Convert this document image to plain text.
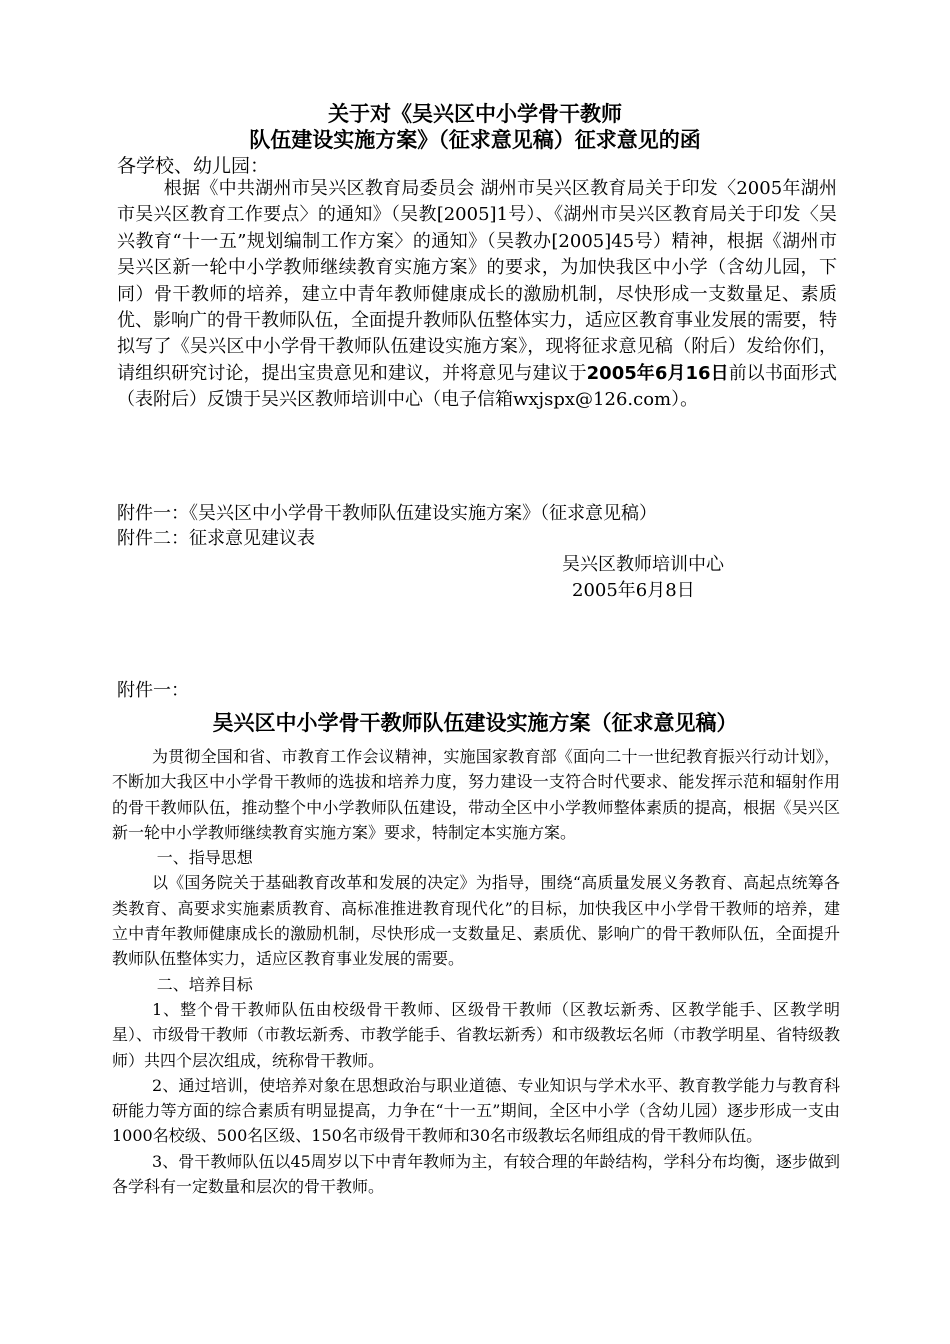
关于对《吴兴区中小学骨干教师
队伍建设实施方案》（征求意见稿）征求意见的函
各学校、幼儿园：

根据《中共湖州市吴兴区教育局委员会 湖州市吴兴区教育局关于印发〈2005年湖州市吴兴区教育工作要点〉的通知》（吴教[2005]1号）、《湖州市吴兴区教育局关于印发〈吴兴教育“十一五”规划编制工作方案〉的通知》（吴教办[2005]45号）精神，根据《湖州市吴兴区新一轮中小学教师继续教育实施方案》的要求，为加快我区中小学（含幼儿园，下同）骨干教师的培养，建立中青年教师健康成长的激励机制，尽快形成一支数量足、素质优、影响广的骨干教师队伍，全面提升教师队伍整体实力，适应区教育事业发展的需要，特拟写了《吴兴区中小学骨干教师队伍建设实施方案》，现将征求意见稿（附后）发给你们，请组织研究讨论，提出宝贵意见和建议，并将意见与建议于2005年6月16日前以书面形式（表附后）反馈于吴兴区教师培训中心（电子信箱wxjspx@126.com）。

附件一：《吴兴区中小学骨干教师队伍建设实施方案》（征求意见稿）
附件二：征求意见建议表
吴兴区教师培训中心
2005年6月8日
附件一：
吴兴区中小学骨干教师队伍建设实施方案（征求意见稿）

为贯彻全国和省、市教育工作会议精神，实施国家教育部《面向二十一世纪教育振兴行动计划》，不断加大我区中小学骨干教师的选拔和培养力度，努力建设一支符合时代要求、能发挥示范和辐射作用的骨干教师队伍，推动整个中小学教师队伍建设，带动全区中小学教师整体素质的提高，根据《吴兴区新一轮中小学教师继续教育实施方案》要求，特制定本实施方案。

一、指导思想

以《国务院关于基础教育改革和发展的决定》为指导，围绕“高质量发展义务教育、高起点统筹各类教育、高要求实施素质教育、高标准推进教育现代化”的目标，加快我区中小学骨干教师的培养，建立中青年教师健康成长的激励机制，尽快形成一支数量足、素质优、影响广的骨干教师队伍，全面提升教师队伍整体实力，适应区教育事业发展的需要。

二、培养目标

1、整个骨干教师队伍由校级骨干教师、区级骨干教师（区教坛新秀、区教学能手、区教学明星）、市级骨干教师（市教坛新秀、市教学能手、省教坛新秀）和市级教坛名师（市教学明星、省特级教师）共四个层次组成，统称骨干教师。

2、通过培训，使培养对象在思想政治与职业道德、专业知识与学术水平、教育教学能力与教育科研能力等方面的综合素质有明显提高，力争在“十一五”期间，全区中小学（含幼儿园）逐步形成一支由1000名校级、500名区级、150名市级骨干教师和30名市级教坛名师组成的骨干教师队伍。

3、骨干教师队伍以45周岁以下中青年教师为主，有较合理的年龄结构，学科分布均衡，逐步做到各学科有一定数量和层次的骨干教师。
